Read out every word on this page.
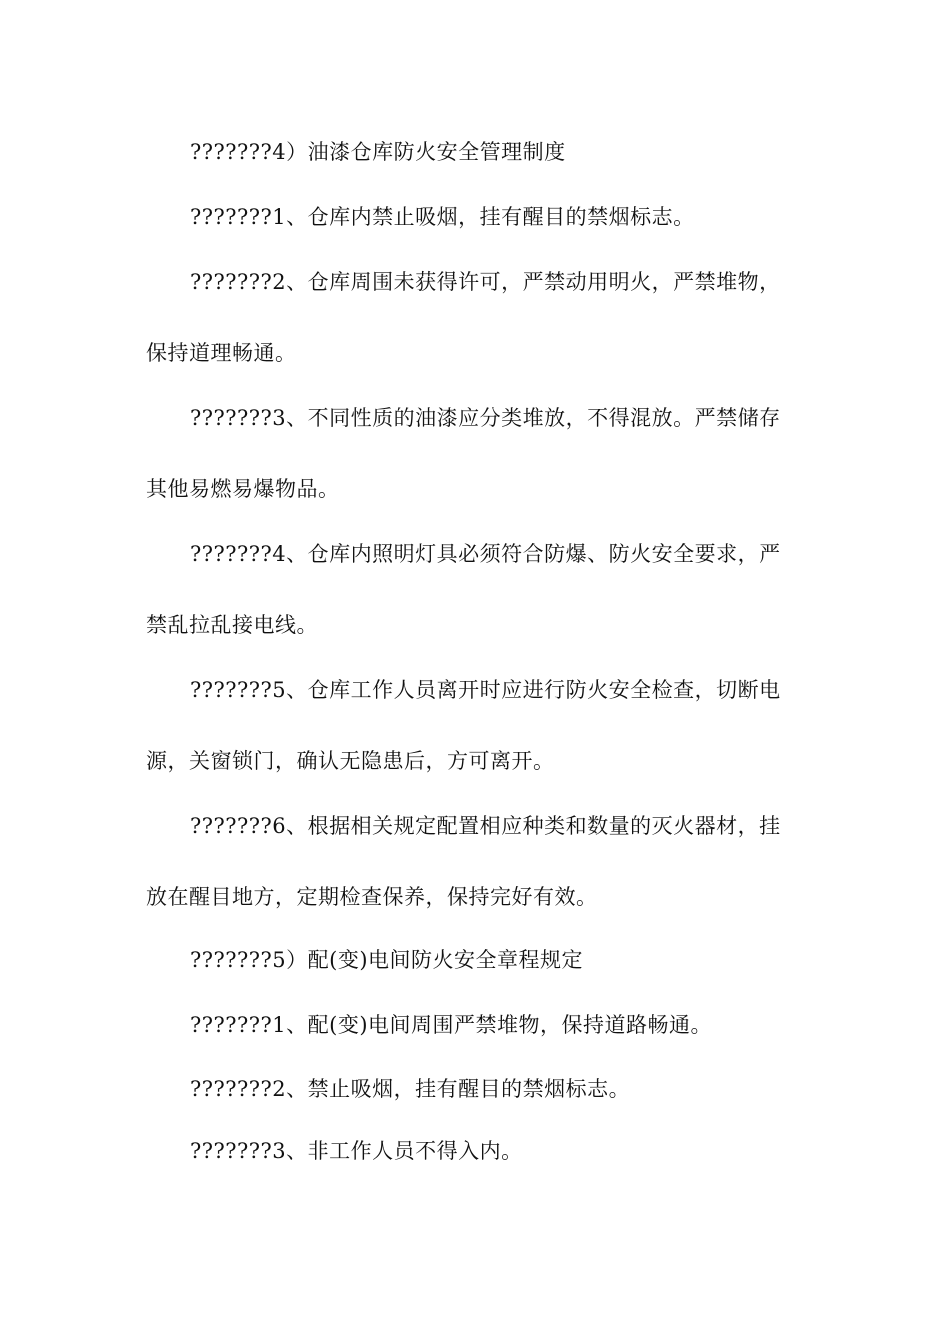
???????4）油漆仓库防火安全管理制度
???????1、仓库内禁止吸烟，挂有醒目的禁烟标志。
???????2、仓库周围未获得许可，严禁动用明火，严禁堆物，
保持道理畅通。
???????3、不同性质的油漆应分类堆放，不得混放。严禁储存
其他易燃易爆物品。
???????4、仓库内照明灯具必须符合防爆、防火安全要求，严
禁乱拉乱接电线。
???????5、仓库工作人员离开时应进行防火安全检查，切断电
源，关窗锁门，确认无隐患后，方可离开。
???????6、根据相关规定配置相应种类和数量的灭火器材，挂
放在醒目地方，定期检查保养，保持完好有效。
???????5）配(变)电间防火安全章程规定
???????1、配(变)电间周围严禁堆物，保持道路畅通。
???????2、禁止吸烟，挂有醒目的禁烟标志。
???????3、非工作人员不得入内。
